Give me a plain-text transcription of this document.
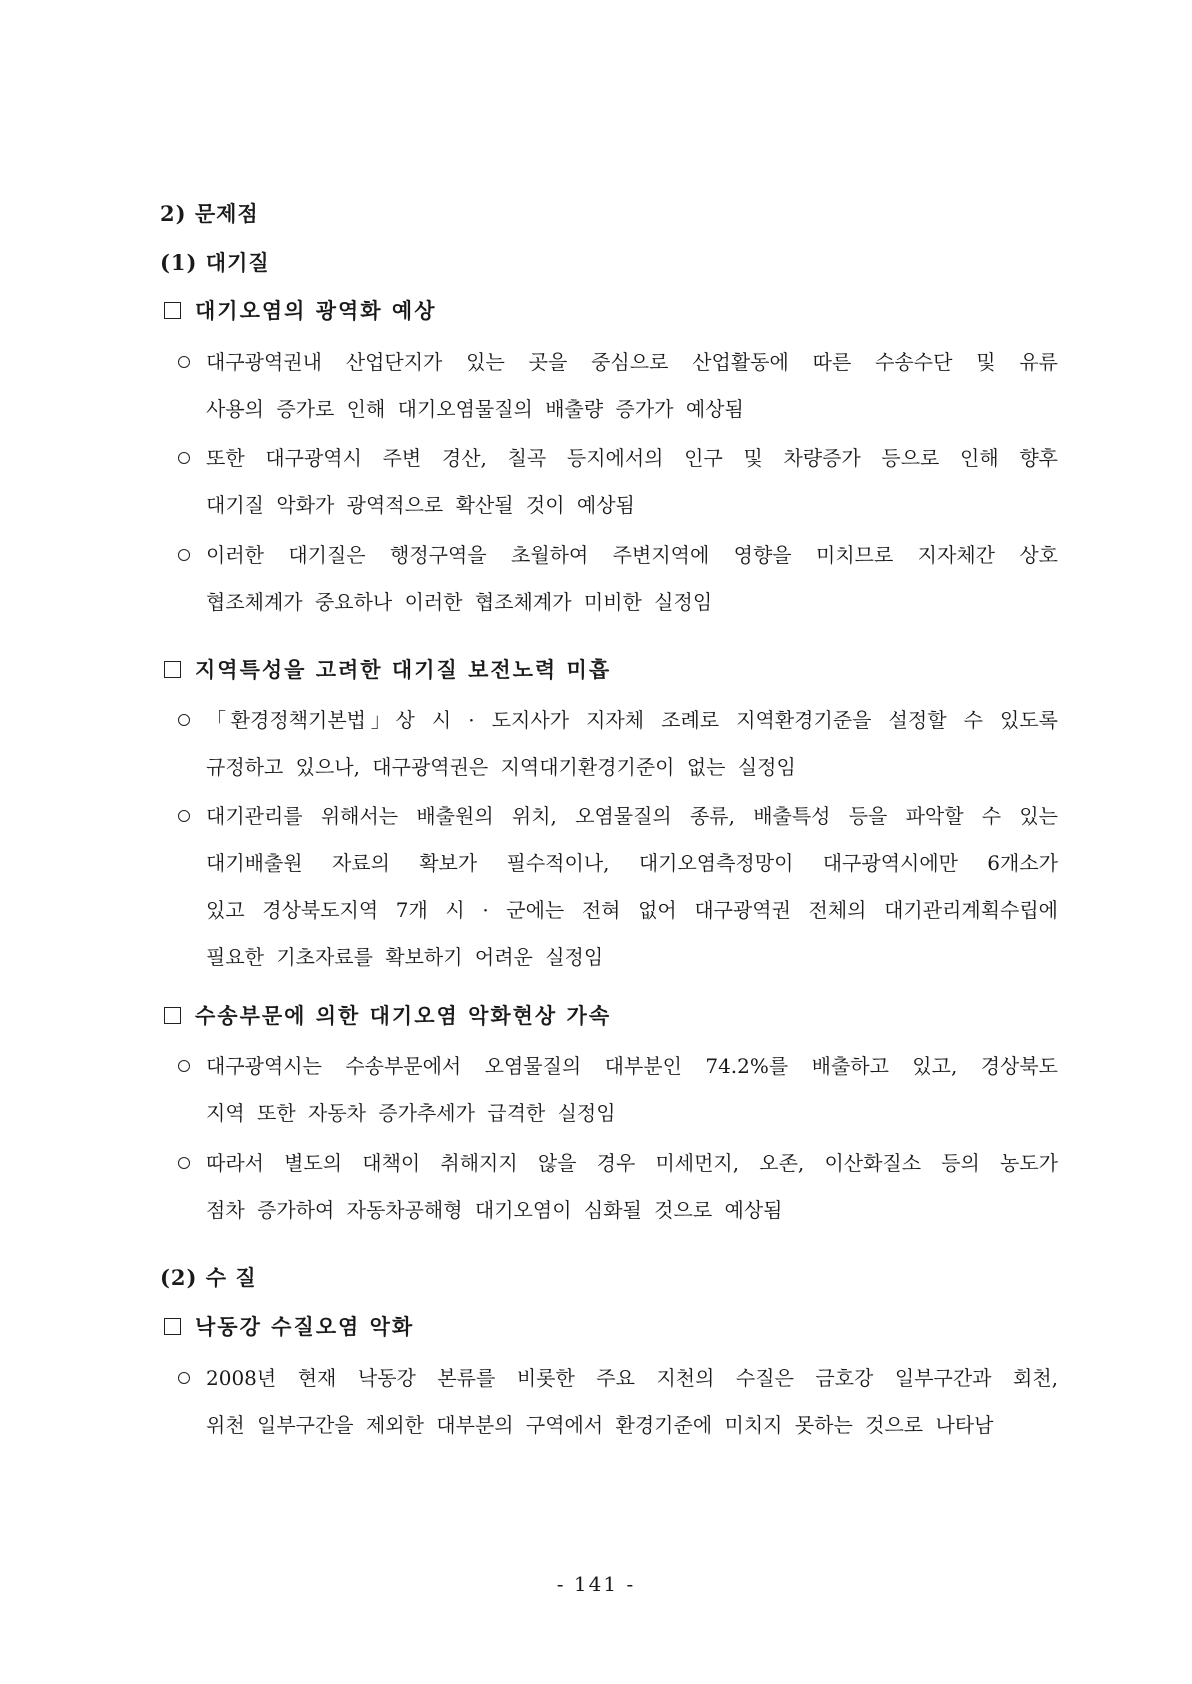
2) 문제점
(1) 대기질
대기오염의 광역화 예상
대구광역권내 산업단지가 있는 곳을 중심으로 산업활동에 따른 수송수단 및 유류
사용의 증가로 인해 대기오염물질의 배출량 증가가 예상됨
또한 대구광역시 주변 경산, 칠곡 등지에서의 인구 및 차량증가 등으로 인해 향후
대기질 악화가 광역적으로 확산될 것이 예상됨
이러한 대기질은 행정구역을 초월하여 주변지역에 영향을 미치므로 지자체간 상호
협조체계가 중요하나 이러한 협조체계가 미비한 실정임
지역특성을 고려한 대기질 보전노력 미흡
「환경정책기본법」상 시 · 도지사가 지자체 조례로 지역환경기준을 설정할 수 있도록
규정하고 있으나, 대구광역권은 지역대기환경기준이 없는 실정임
대기관리를 위해서는 배출원의 위치, 오염물질의 종류, 배출특성 등을 파악할 수 있는
대기배출원 자료의 확보가 필수적이나, 대기오염측정망이 대구광역시에만 6개소가
있고 경상북도지역 7개 시 · 군에는 전혀 없어 대구광역권 전체의 대기관리계획수립에
필요한 기초자료를 확보하기 어려운 실정임
수송부문에 의한 대기오염 악화현상 가속
대구광역시는 수송부문에서 오염물질의 대부분인 74.2%를 배출하고 있고, 경상북도
지역 또한 자동차 증가추세가 급격한 실정임
따라서 별도의 대책이 취해지지 않을 경우 미세먼지, 오존, 이산화질소 등의 농도가
점차 증가하여 자동차공해형 대기오염이 심화될 것으로 예상됨
(2) 수 질
낙동강 수질오염 악화
2008년 현재 낙동강 본류를 비롯한 주요 지천의 수질은 금호강 일부구간과 회천,
위천 일부구간을 제외한 대부분의 구역에서 환경기준에 미치지 못하는 것으로 나타남
- 141 -
